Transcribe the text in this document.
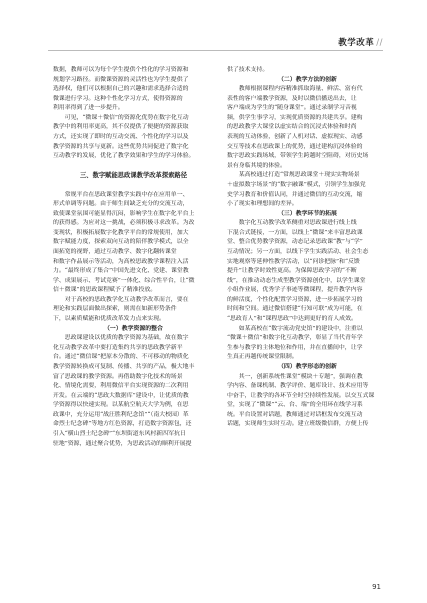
教学改革 //

数据，教师可以为每个学生提供个性化的学习资源和

规划学习路径。而微课资源的灵活性也为学生提供了

选择权，他们可以根据自己的兴趣和需求选择合适的

微课进行学习。这种个性化学习方式，使得资源的

利用率得到了进一步提升。

　　可见，“微课＋微信”的资源化优势在数字化互动

教学中的利用率更高，其不仅提供了便捷的资源获取

方式，还实现了即时的互动交流、个性化的学习以及

教学资源的共享与更新。这些优势共同促进了数字化

互动教学的发展，优化了教学效果和学生的学习体验。

三、数字赋能思政课教学改革探索路径

　　常规平台在思政课堂教学实践中存在应用单一、

形式单调等问题。由于师生间缺乏充分的交流互动，

致使课堂氛围可能显得沉闷，影响学生在数字化平台上

的获得感。为应对这一挑战，必须积极寻求改革。为改

变现状，积极拓展数字化教学平台的常规使用，加大

数字赋能力度，探索双向互动的陪伴教学模式，以全

面拓宽的视野，通过互动教学、数字化翻转课堂

和数字作品展示等活动，为高校思政教学课程注入活

力。“最终形成了集合”中国先进文化、党建、课堂教

学、成果展示、考试竞赛”一体化、综合性平台，让“微

信＋微课”的思政课程赋予了精准投放。

　　对于高校的思政教学化互动教学改革而言，要在

理论和实践层面做出探索，则需在如新形势条件

下，以素质赋能和优质改革发力点来实现。

（一）教学资源的整合

　　思政课建设以优质的教学资源为基础，故在数字

化互动教学改革中要打造集约共享的思政教学新平

台。通过“微信课”把原本分散的、不可移动的物质化

教学资源转换成可复制、传播、共享的产品，极大地丰

富了思政课的教学资源。再借助数字化技术的场景

化、情境化需要，利用微信平台实现资源的二次利用

开发。在云端的“思政大数据库”建设中，让优质的教

学资源得以快速实现。以某航空航天大学为例，在思

政课中，充分运用“战汪胜利纪念馆”“（南大校园）革

命烈士纪念碑”等地方红色资源，打造数字资源包，还

引入“横山烈士纪念碑”“东坝街道东风村新四军抗日

驻地”资源，通过聚合优势，为思政活动的顺利开展提

供了技术支持。

（二）教学方法的创新

　　教师根据课程内容精准抓取海量、鲜活、富有代

表性的客户端教学资源，及时以微信播送出去，让

客户端成为学生的“随身课堂”。通过录制学习音视

频，供学生事学习，实现优质资源的共建共享。建构

的思政教学大课堂以虚实结合的沉浸式体验和时尚

表现的互动体验，创新了人机对话、虚拟现实、动感

交互等技术在思政课上的优势，通过建构沉浸体验的

数字思政实践场域，带领学生跨越时空阻碍，对历史场

景有身临其境的体验。

　　某高校通过打造“常规思政课堂＋现实实物场景

＋虚拟数字场景”的“数字融课”模式，引领学生加强党

史学习教育和价值认同，并通过微信的互动交流，缩

小了现实和理想间的差异。

（三）教学环节的拓展

　　数字化互动教学改革侧重对思政课进行线上线

下混合式链接，一方面，以线上“微课”来丰富思政课

堂、整合优势教学资源，动态记录思政课“教”与“学”

互动情况；另一方面，以线下学生实践活动、社会生态

实地观察等延伸性教学活动，以“问诊把脉”和“反馈

提升”让教学时效性更高。为保障思政学习的“不断

线”，在推动动态生成型教学资源创化中，以学生课堂

小组作业展，优秀学子事迹等微课程，提升教学内容

的鲜活度，个性化配置学习资源，进一步拓展学习的

时间和空间。通过微信搭建“行知可联”成为可能，在

“思政育人”和“课程思政”中达到更好的育人成效。

　　如某高校在“数字流动党史馆”的建设中，注重以

“微课＋微信”和数字化互动教学，彰显了当代青年学

生参与教学的主体地位和作用，并在直播间中，让学

生真正再越传统课堂限制。

（四）教学形态的创新

　　其一，创新系统性课堂“模块＋专题”，强调在教

学内容、备课机制、教学评价、题库设计、技术应用等

中奋手，让教学的各环节全时空持续性发展。以交互式课

堂，实现了“微课”“云、台、端”的全用环在线学习系

统。平台设置对话题，教师通过对话框发布交流互动

话题，实现师生实时互动。建立班级微信群，方便上传

91
